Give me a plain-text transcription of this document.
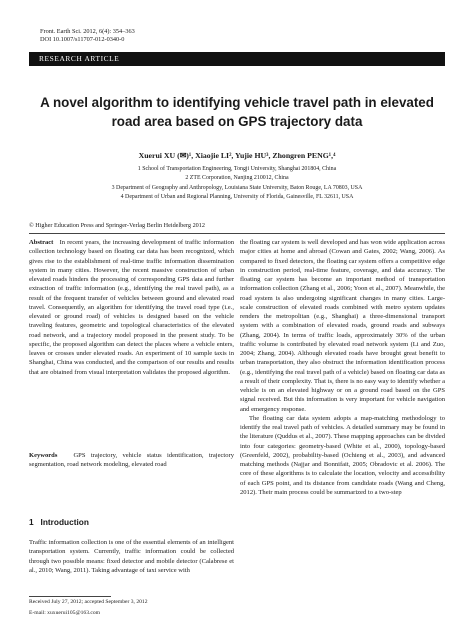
Front. Earth Sci. 2012, 6(4): 354–363
DOI 10.1007/s11707-012-0340-0
RESEARCH ARTICLE
A novel algorithm to identifying vehicle travel path in elevated
road area based on GPS trajectory data
Xuerui XU (✉)¹, Xiaojie LI², Yujie HU³, Zhongren PENG¹,⁴
1 School of Transportation Engineering, Tongji University, Shanghai 201804, China
2 ZTE Corporation, Nanjing 210012, China
3 Department of Geography and Anthropology, Louisiana State University, Baton Rouge, LA 70803, USA
4 Department of Urban and Regional Planning, University of Florida, Gainesville, FL 32611, USA
© Higher Education Press and Springer-Verlag Berlin Heidelberg 2012

Abstract In recent years, the increasing development of traffic information collection technology based on floating car data has been recognized, which gives rise to the establishment of real-time traffic information dissemination system in many cities. However, the recent massive construction of urban elevated roads hinders the processing of corresponding GPS data and further extraction of traffic information (e.g., identifying the real travel path), as a result of the frequent transfer of vehicles between ground and elevated road travel. Consequently, an algorithm for identifying the travel road type (i.e., elevated or ground road) of vehicles is designed based on the vehicle traveling features, geometric and topological characteristics of the elevated road network, and a trajectory model proposed in the present study. To be specific, the proposed algorithm can detect the places where a vehicle enters, leaves or crosses under elevated roads. An experiment of 10 sample taxis in Shanghai, China was conducted, and the comparison of our results and results that are obtained from visual interpretation validates the proposed algorithm.

Keywords GPS trajectory, vehicle status identification, trajectory segmentation, road network modeling, elevated road

1 Introduction

Traffic information collection is one of the essential elements of an intelligent transportation system. Currently, traffic information could be collected through two possible means: fixed detector and mobile detector (Calabrese et al., 2010; Wang, 2011). Taking advantage of taxi service with

Received July 27, 2012; accepted September 3, 2012
E-mail: xuxuerui105@163.com

the floating car system is well developed and has won wide application across major cities at home and abroad (Cowan and Gates, 2002; Wang, 2006). As compared to fixed detectors, the floating car system offers a competitive edge in construction period, real-time feature, coverage, and data accuracy. The floating car system has become an important method of transportation information collection (Zhang et al., 2006; Yoon et al., 2007). Meanwhile, the road system is also undergoing significant changes in many cities. Large-scale construction of elevated roads combined with metro system updates renders the metropolitan (e.g., Shanghai) a three-dimensional transport system with a combination of elevated roads, ground roads and subways (Zhang, 2004). In terms of traffic loads, approximately 30% of the urban traffic volume is contributed by elevated road network system (Li and Zuo, 2004; Zhang, 2004). Although elevated roads have brought great benefit to urban transportation, they also obstruct the information identification process (e.g., identifying the real travel path of a vehicle) based on floating car data as a result of their complexity. That is, there is no easy way to identify whether a vehicle is on an elevated highway or on a ground road based on the GPS signal received. But this information is very important for vehicle navigation and emergency response.

The floating car data system adopts a map-matching methodology to identify the real travel path of vehicles. A detailed summary may be found in the literature (Quddus et al., 2007). These mapping approaches can be divided into four categories: geometry-based (White et al., 2000), topology-based (Greenfeld, 2002), probability-based (Ochieng et al., 2003), and advanced matching methods (Najjar and Bonnifait, 2005; Obradovic et al. 2006). The core of these algorithms is to calculate the location, velocity and accessibility of each GPS point, and its distance from candidate roads (Wang and Cheng, 2012). Their main process could be summarized to a two-step
